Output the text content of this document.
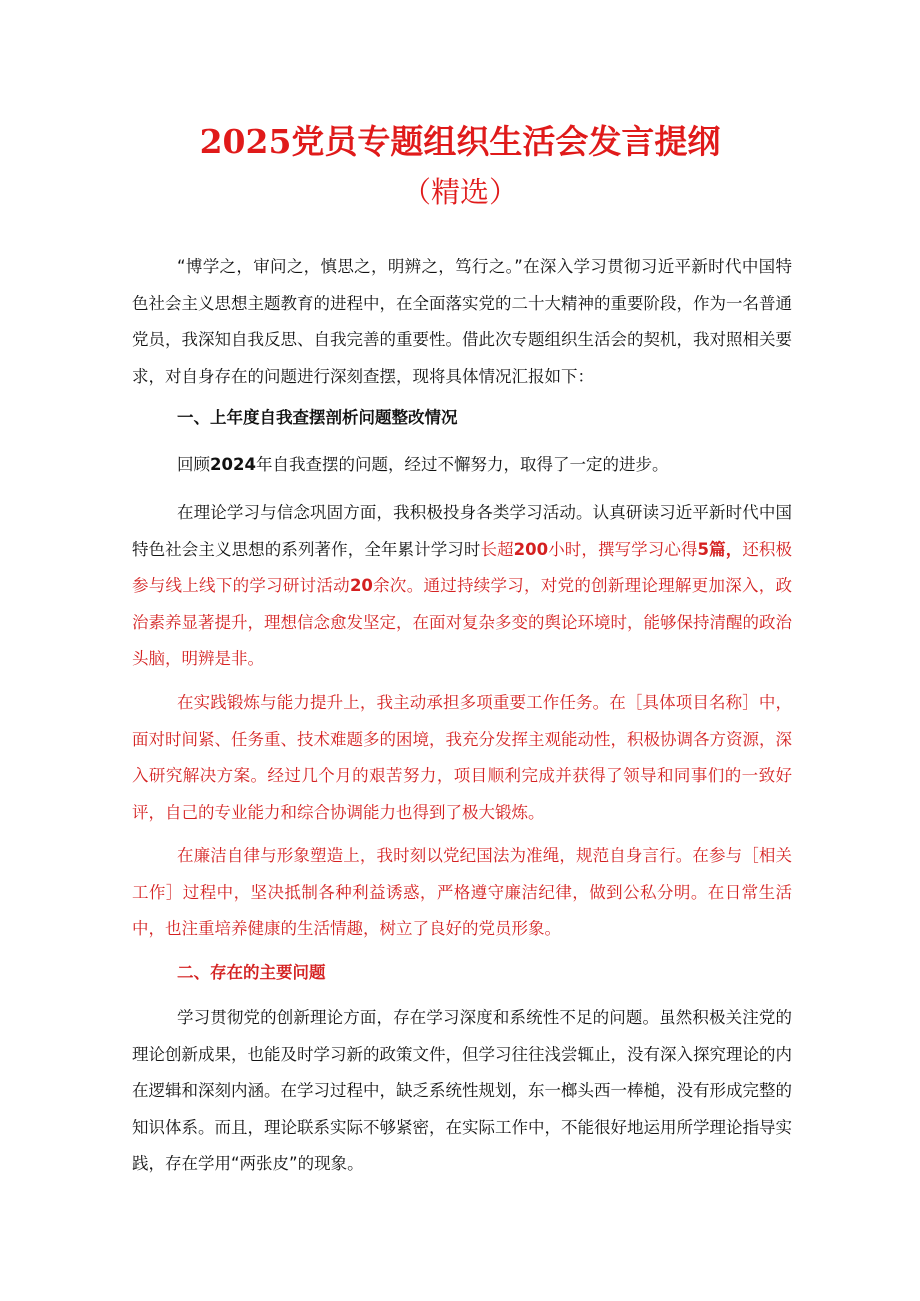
2025党员专题组织生活会发言提纲
（精选）

“博学之，审问之，慎思之，明辨之，笃行之。”在深入学习贯彻习近平新时代中国特色社会主义思想主题教育的进程中，在全面落实党的二十大精神的重要阶段，作为一名普通党员，我深知自我反思、自我完善的重要性。借此次专题组织生活会的契机，我对照相关要求，对自身存在的问题进行深刻查摆，现将具体情况汇报如下：

一、上年度自我查摆剖析问题整改情况

回顾2024年自我查摆的问题，经过不懈努力，取得了一定的进步。

在理论学习与信念巩固方面，我积极投身各类学习活动。认真研读习近平新时代中国特色社会主义思想的系列著作，全年累计学习时长超200小时，撰写学习心得5篇，还积极参与线上线下的学习研讨活动20余次。通过持续学习，对党的创新理论理解更加深入，政治素养显著提升，理想信念愈发坚定，在面对复杂多变的舆论环境时，能够保持清醒的政治头脑，明辨是非。

在实践锻炼与能力提升上，我主动承担多项重要工作任务。在［具体项目名称］中，面对时间紧、任务重、技术难题多的困境，我充分发挥主观能动性，积极协调各方资源，深入研究解决方案。经过几个月的艰苦努力，项目顺利完成并获得了领导和同事们的一致好评，自己的专业能力和综合协调能力也得到了极大锻炼。

在廉洁自律与形象塑造上，我时刻以党纪国法为准绳，规范自身言行。在参与［相关工作］过程中，坚决抵制各种利益诱惑，严格遵守廉洁纪律，做到公私分明。在日常生活中，也注重培养健康的生活情趣，树立了良好的党员形象。

二、存在的主要问题

学习贯彻党的创新理论方面，存在学习深度和系统性不足的问题。虽然积极关注党的理论创新成果，也能及时学习新的政策文件，但学习往往浅尝辄止，没有深入探究理论的内在逻辑和深刻内涵。在学习过程中，缺乏系统性规划，东一榔头西一棒槌，没有形成完整的知识体系。而且，理论联系实际不够紧密，在实际工作中，不能很好地运用所学理论指导实践，存在学用“两张皮”的现象。
